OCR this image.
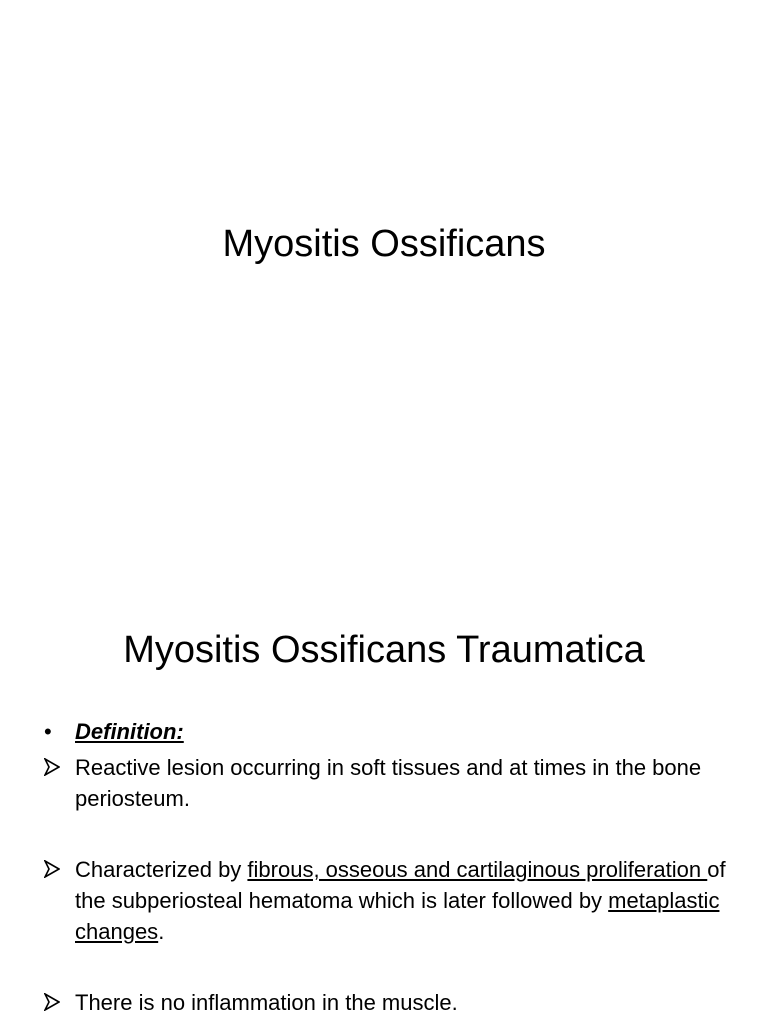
Myositis Ossificans
Myositis Ossificans Traumatica
•	Definition:
Reactive lesion occurring in soft tissues and at times in the bone periosteum.
Characterized by fibrous, osseous and cartilaginous proliferation of the subperiosteal hematoma which is later followed by metaplastic changes.
There is no inflammation in the muscle.
